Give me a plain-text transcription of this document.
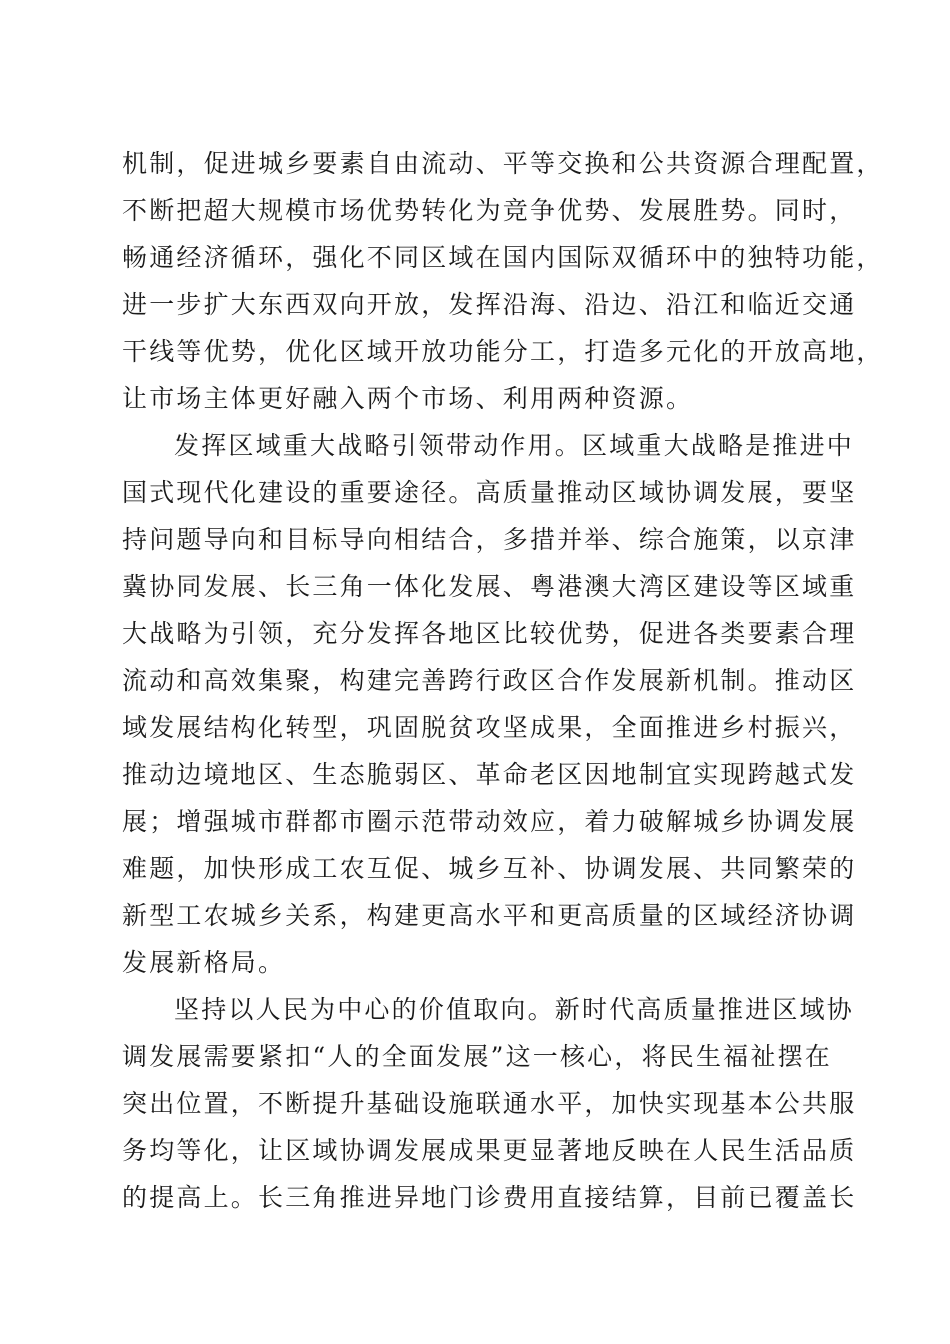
机制，促进城乡要素自由流动、平等交换和公共资源合理配置，
不断把超大规模市场优势转化为竞争优势、发展胜势。同时，
畅通经济循环，强化不同区域在国内国际双循环中的独特功能，
进一步扩大东西双向开放，发挥沿海、沿边、沿江和临近交通
干线等优势，优化区域开放功能分工，打造多元化的开放高地，
让市场主体更好融入两个市场、利用两种资源。
发挥区域重大战略引领带动作用。区域重大战略是推进中
国式现代化建设的重要途径。高质量推动区域协调发展，要坚
持问题导向和目标导向相结合，多措并举、综合施策，以京津
冀协同发展、长三角一体化发展、粤港澳大湾区建设等区域重
大战略为引领，充分发挥各地区比较优势，促进各类要素合理
流动和高效集聚，构建完善跨行政区合作发展新机制。推动区
域发展结构化转型，巩固脱贫攻坚成果，全面推进乡村振兴，
推动边境地区、生态脆弱区、革命老区因地制宜实现跨越式发
展；增强城市群都市圈示范带动效应，着力破解城乡协调发展
难题，加快形成工农互促、城乡互补、协调发展、共同繁荣的
新型工农城乡关系，构建更高水平和更高质量的区域经济协调
发展新格局。
坚持以人民为中心的价值取向。新时代高质量推进区域协
调发展需要紧扣“人的全面发展”这一核心，将民生福祉摆在
突出位置，不断提升基础设施联通水平，加快实现基本公共服
务均等化，让区域协调发展成果更显著地反映在人民生活品质
的提高上。长三角推进异地门诊费用直接结算，目前已覆盖长
